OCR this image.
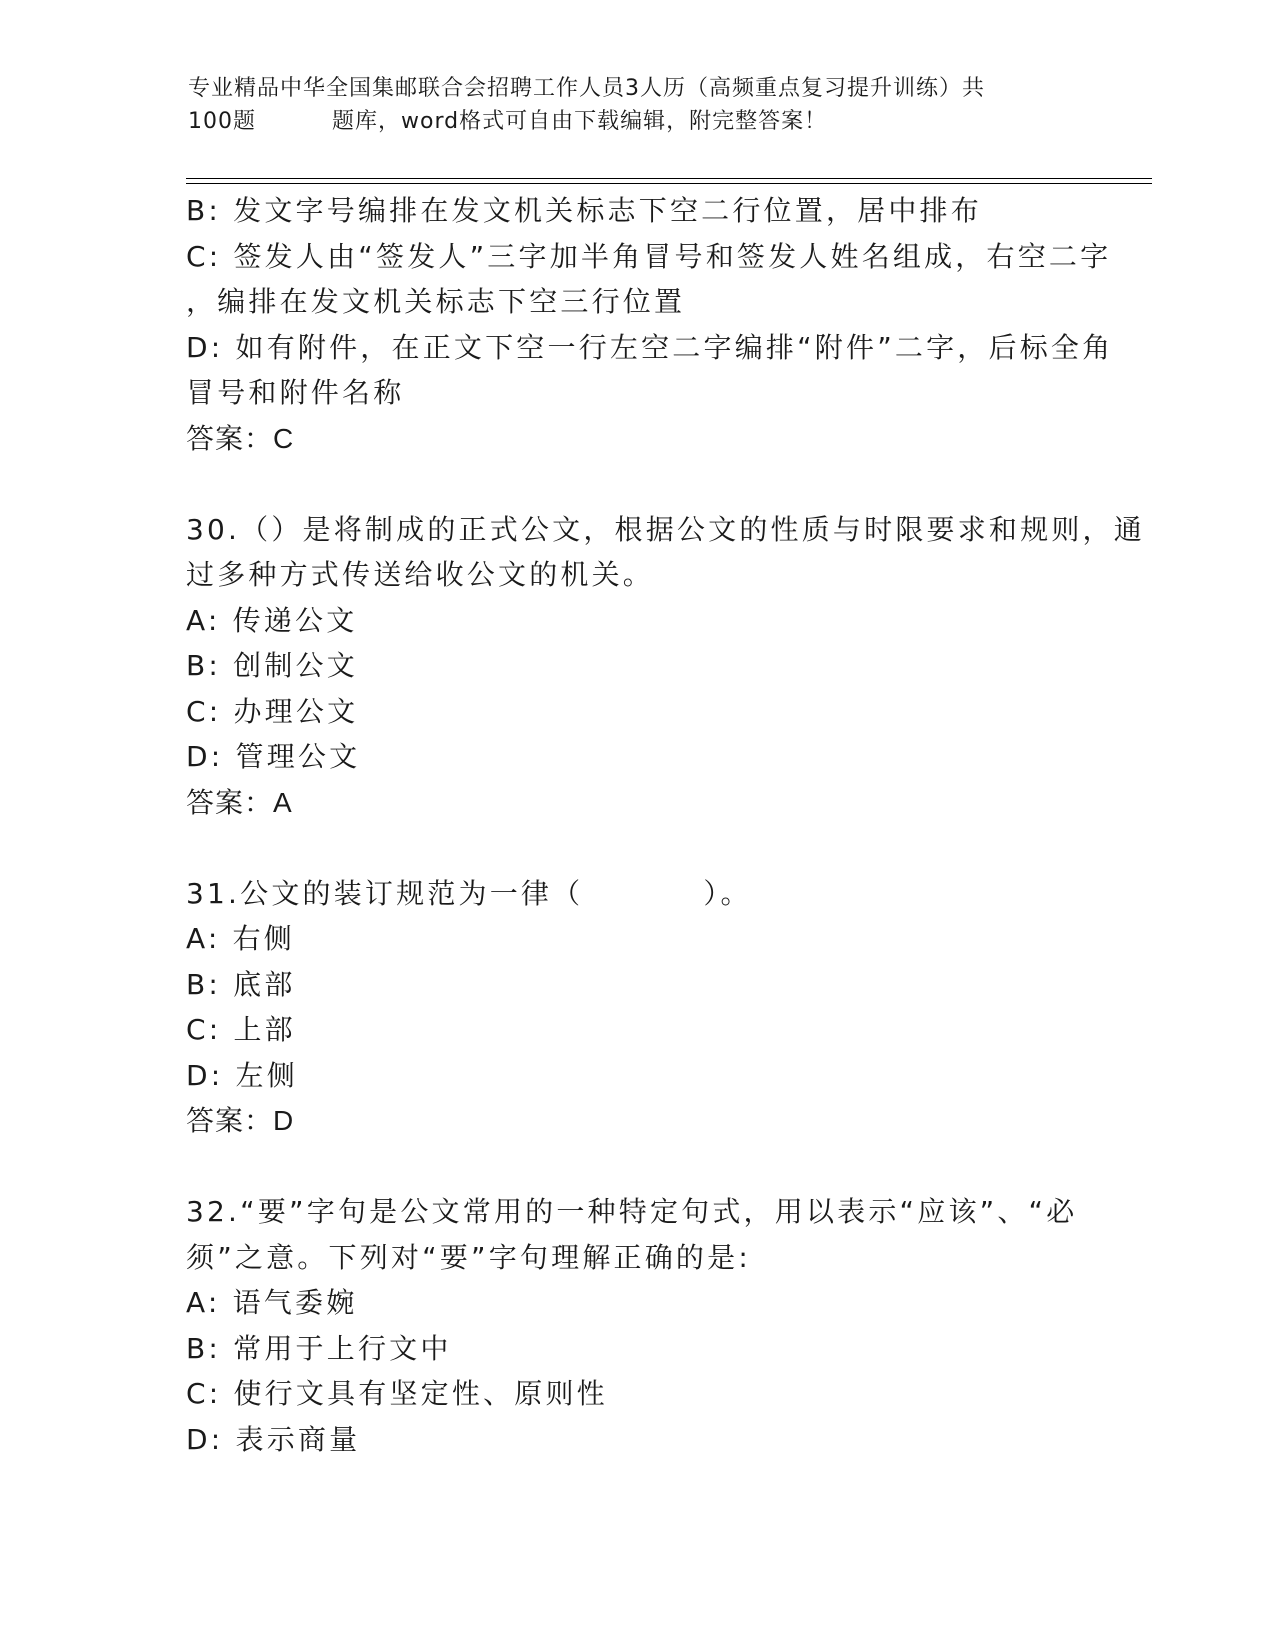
专业精品中华全国集邮联合会招聘工作人员3人历（高频重点复习提升训练）共
100题	题库，word格式可自由下载编辑，附完整答案！
B: 发文字号编排在发文机关标志下空二行位置，居中排布
C: 签发人由“签发人”三字加半角冒号和签发人姓名组成，右空二字
，编排在发文机关标志下空三行位置
D: 如有附件，在正文下空一行左空二字编排“附件”二字，后标全角
冒号和附件名称
答案：C
30.（）是将制成的正式公文，根据公文的性质与时限要求和规则，通
过多种方式传送给收公文的机关。
A: 传递公文
B: 创制公文
C: 办理公文
D: 管理公文
答案：A
31.公文的装订规范为一律（	）。
A: 右侧
B: 底部
C: 上部
D: 左侧
答案：D
32.“要”字句是公文常用的一种特定句式，用以表示“应该”、“必
须”之意。下列对“要”字句理解正确的是:
A: 语气委婉
B: 常用于上行文中
C: 使行文具有坚定性、原则性
D: 表示商量
